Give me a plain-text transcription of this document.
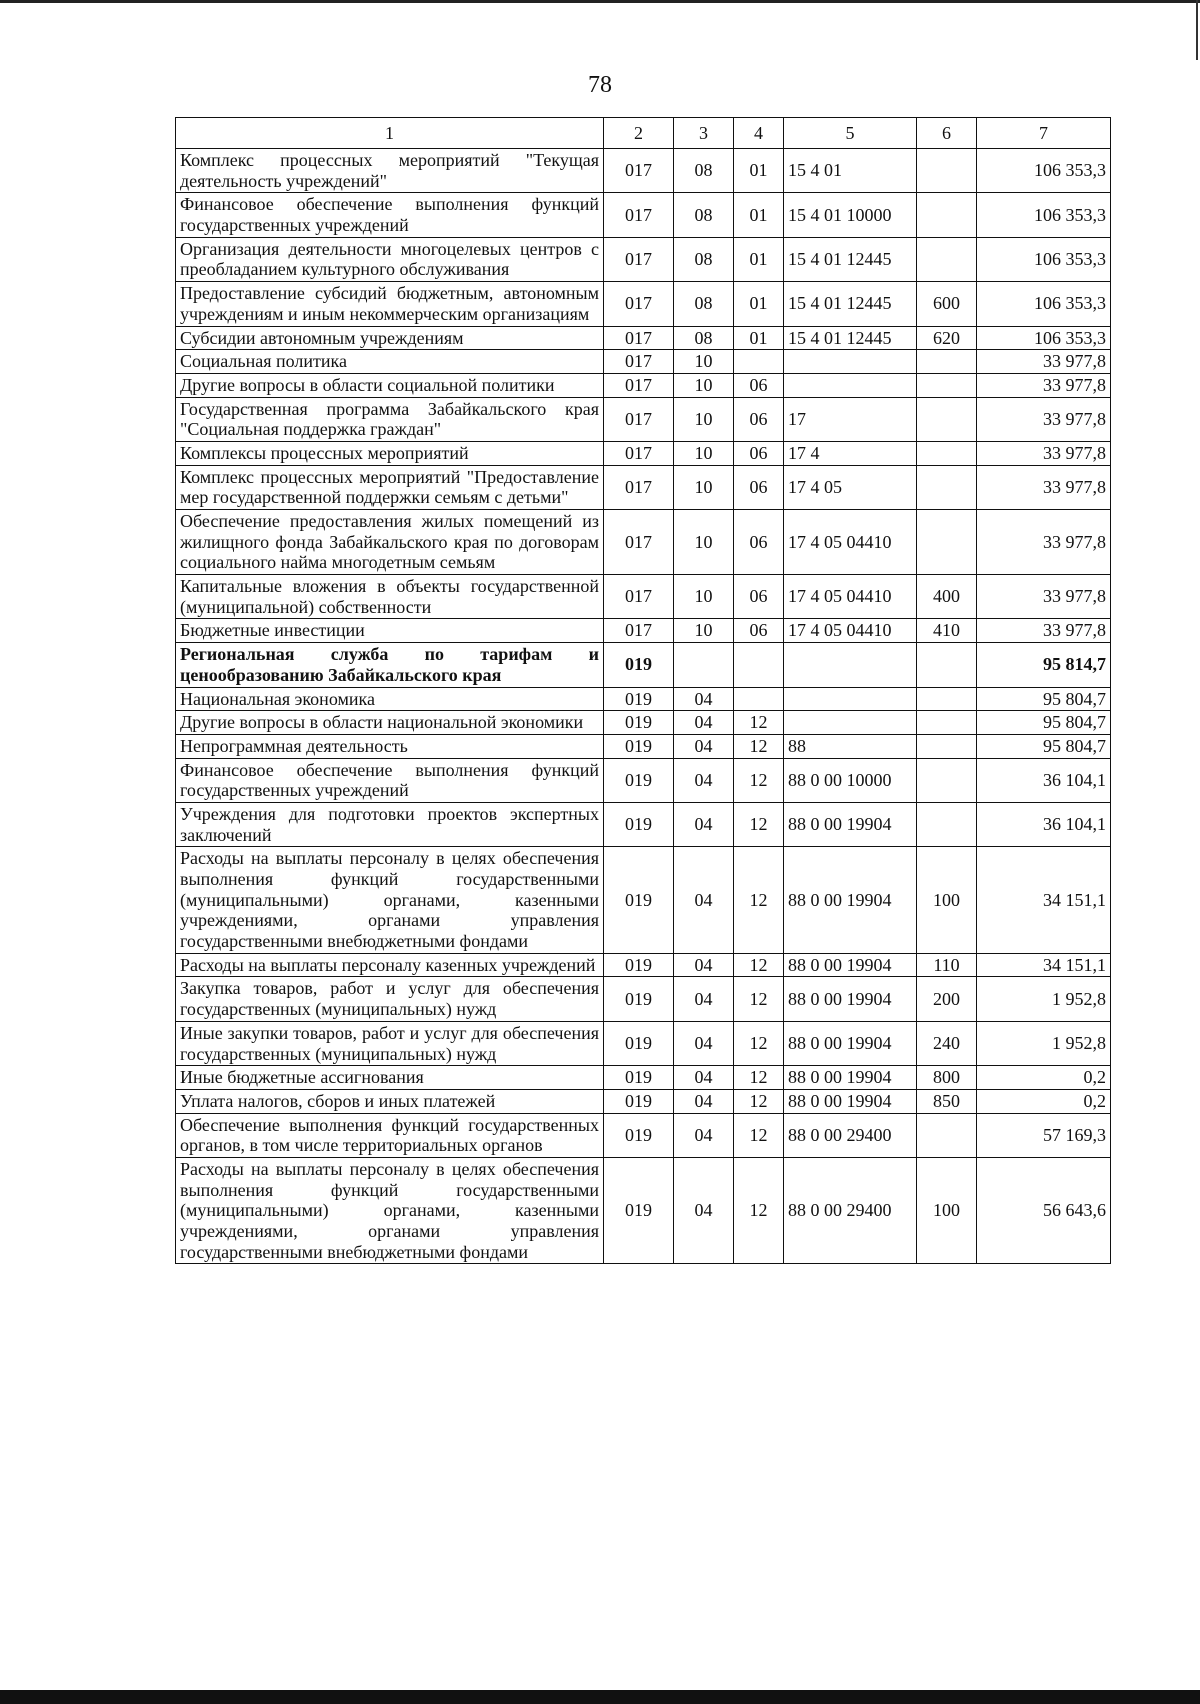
78
1	2	3	4	5	6	7
Комплекс процессных мероприятий "Текущая деятельность учреждений"	017	08	01	15 4 01		106 353,3
Финансовое обеспечение выполнения функций государственных учреждений	017	08	01	15 4 01 10000		106 353,3
Организация деятельности многоцелевых центров с преобладанием культурного обслуживания	017	08	01	15 4 01 12445		106 353,3
Предоставление субсидий бюджетным, автономным учреждениям и иным некоммерческим организациям	017	08	01	15 4 01 12445	600	106 353,3
Субсидии автономным учреждениям	017	08	01	15 4 01 12445	620	106 353,3
Социальная политика	017	10				33 977,8
Другие вопросы в области социальной политики	017	10	06			33 977,8
Государственная программа Забайкальского края "Социальная поддержка граждан"	017	10	06	17		33 977,8
Комплексы процессных мероприятий	017	10	06	17 4		33 977,8
Комплекс процессных мероприятий "Предоставление мер государственной поддержки семьям с детьми"	017	10	06	17 4 05		33 977,8
Обеспечение предоставления жилых помещений из жилищного фонда Забайкальского края по договорам социального найма многодетным семьям	017	10	06	17 4 05 04410		33 977,8
Капитальные вложения в объекты государственной (муниципальной) собственности	017	10	06	17 4 05 04410	400	33 977,8
Бюджетные инвестиции	017	10	06	17 4 05 04410	410	33 977,8
Региональная служба по тарифам и ценообразованию Забайкальского края	019					95 814,7
Национальная экономика	019	04				95 804,7
Другие вопросы в области национальной экономики	019	04	12			95 804,7
Непрограммная деятельность	019	04	12	88		95 804,7
Финансовое обеспечение выполнения функций государственных учреждений	019	04	12	88 0 00 10000		36 104,1
Учреждения для подготовки проектов экспертных заключений	019	04	12	88 0 00 19904		36 104,1
Расходы на выплаты персоналу в целях обеспечения выполнения функций государственными (муниципальными) органами, казенными учреждениями, органами управления государственными внебюджетными фондами	019	04	12	88 0 00 19904	100	34 151,1
Расходы на выплаты персоналу казенных учреждений	019	04	12	88 0 00 19904	110	34 151,1
Закупка товаров, работ и услуг для обеспечения государственных (муниципальных) нужд	019	04	12	88 0 00 19904	200	1 952,8
Иные закупки товаров, работ и услуг для обеспечения государственных (муниципальных) нужд	019	04	12	88 0 00 19904	240	1 952,8
Иные бюджетные ассигнования	019	04	12	88 0 00 19904	800	0,2
Уплата налогов, сборов и иных платежей	019	04	12	88 0 00 19904	850	0,2
Обеспечение выполнения функций государственных органов, в том числе территориальных органов	019	04	12	88 0 00 29400		57 169,3
Расходы на выплаты персоналу в целях обеспечения выполнения функций государственными (муниципальными) органами, казенными учреждениями, органами управления государственными внебюджетными фондами	019	04	12	88 0 00 29400	100	56 643,6
